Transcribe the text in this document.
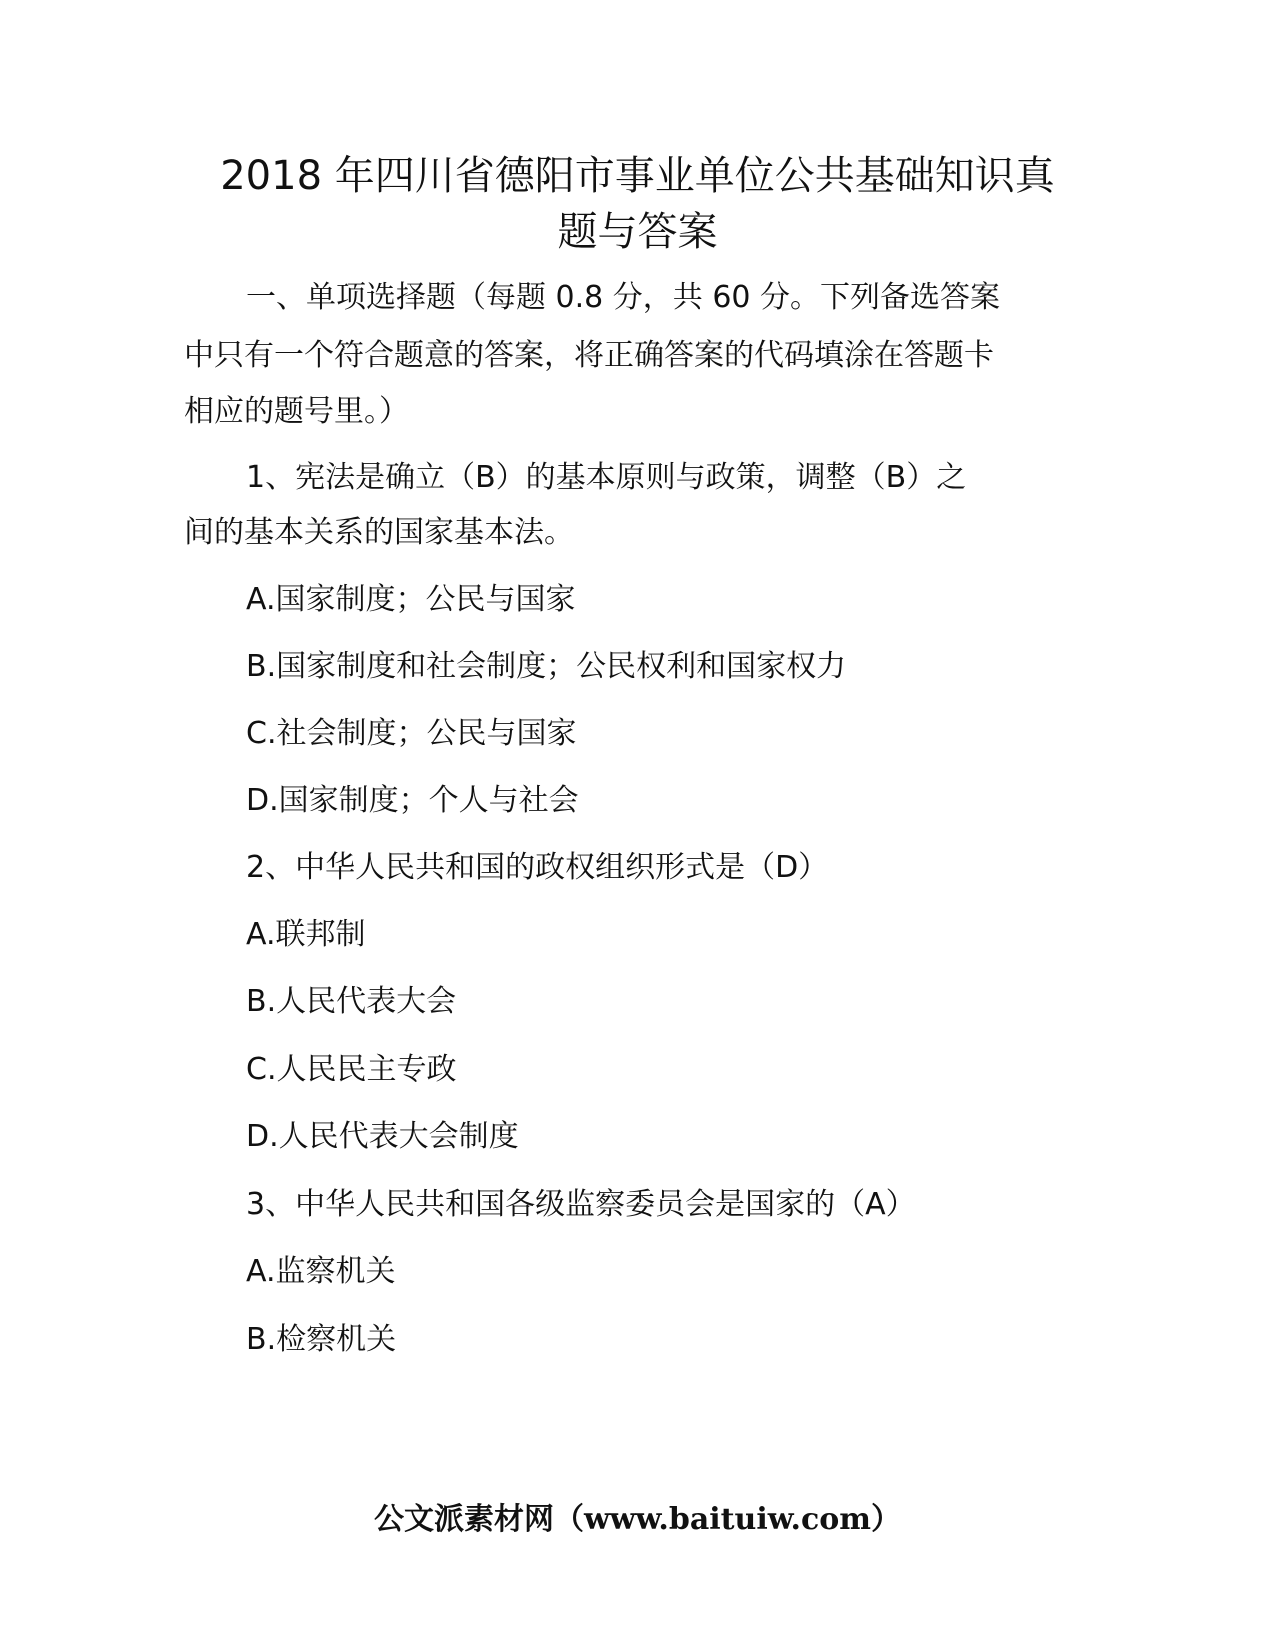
2018 年四川省德阳市事业单位公共基础知识真
题与答案

一、单项选择题（每题 0.8 分，共 60 分。下列备选答案

中只有一个符合题意的答案，将正确答案的代码填涂在答题卡

相应的题号里。）

1、宪法是确立（B）的基本原则与政策，调整（B）之

间的基本关系的国家基本法。

A.国家制度；公民与国家

B.国家制度和社会制度；公民权利和国家权力

C.社会制度；公民与国家

D.国家制度；个人与社会

2、中华人民共和国的政权组织形式是（D）

A.联邦制

B.人民代表大会

C.人民民主专政

D.人民代表大会制度

3、中华人民共和国各级监察委员会是国家的（A）

A.监察机关

B.检察机关

公文派素材网（www.baituiw.com）
